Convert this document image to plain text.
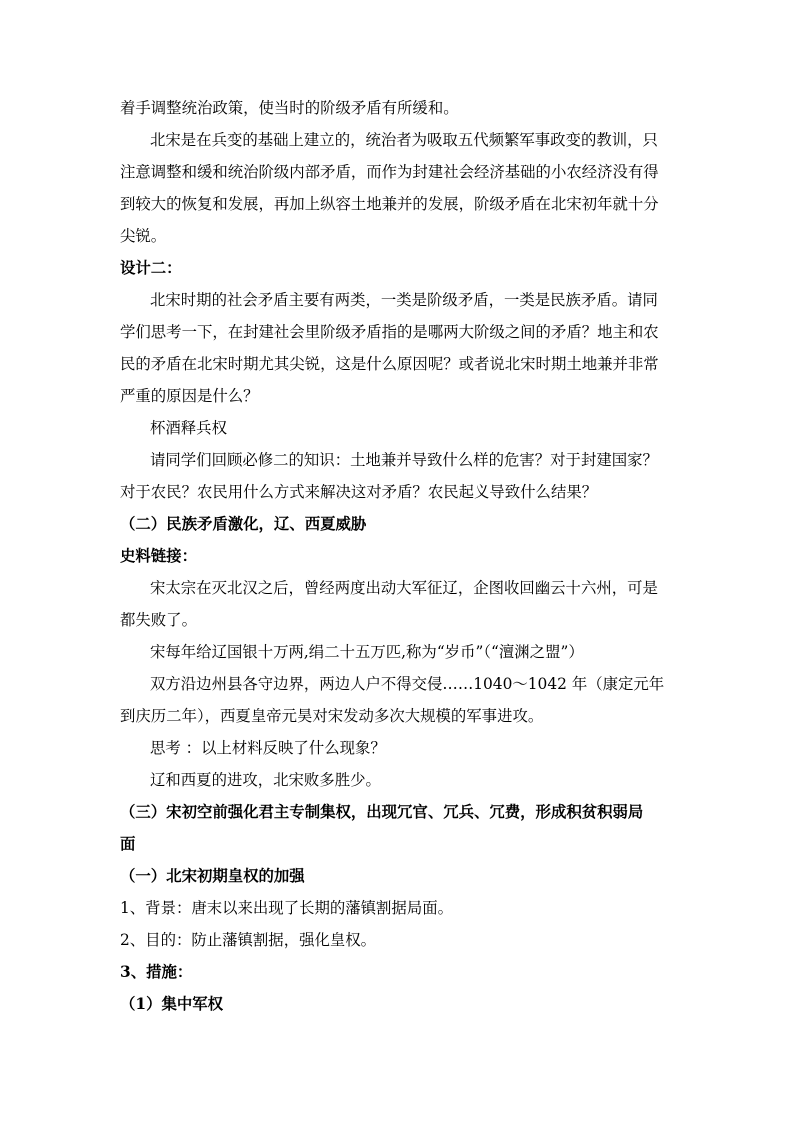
着手调整统治政策，使当时的阶级矛盾有所缓和。
北宋是在兵变的基础上建立的，统治者为吸取五代频繁军事政变的教训，只
注意调整和缓和统治阶级内部矛盾，而作为封建社会经济基础的小农经济没有得
到较大的恢复和发展，再加上纵容土地兼并的发展，阶级矛盾在北宋初年就十分
尖锐。
设计二：
北宋时期的社会矛盾主要有两类，一类是阶级矛盾，一类是民族矛盾。请同
学们思考一下，在封建社会里阶级矛盾指的是哪两大阶级之间的矛盾？地主和农
民的矛盾在北宋时期尤其尖锐，这是什么原因呢？或者说北宋时期土地兼并非常
严重的原因是什么？
杯酒释兵权
请同学们回顾必修二的知识：土地兼并导致什么样的危害？对于封建国家？
对于农民？农民用什么方式来解决这对矛盾？农民起义导致什么结果？
（二）民族矛盾激化，辽、西夏威胁
史料链接：
宋太宗在灭北汉之后，曾经两度出动大军征辽，企图收回幽云十六州，可是
都失败了。
宋每年给辽国银十万两,绢二十五万匹,称为“岁币”（“澶渊之盟”）
双方沿边州县各守边界，两边人户不得交侵……1040～1042 年（康定元年
到庆历二年），西夏皇帝元昊对宋发动多次大规模的军事进攻。
思考 ：以上材料反映了什么现象？
辽和西夏的进攻，北宋败多胜少。
（三）宋初空前强化君主专制集权，出现冗官、冗兵、冗费，形成积贫积弱局
面
（一）北宋初期皇权的加强
1、背景：唐末以来出现了长期的藩镇割据局面。
2、目的：防止藩镇割据，强化皇权。
3、措施：
（1）集中军权
